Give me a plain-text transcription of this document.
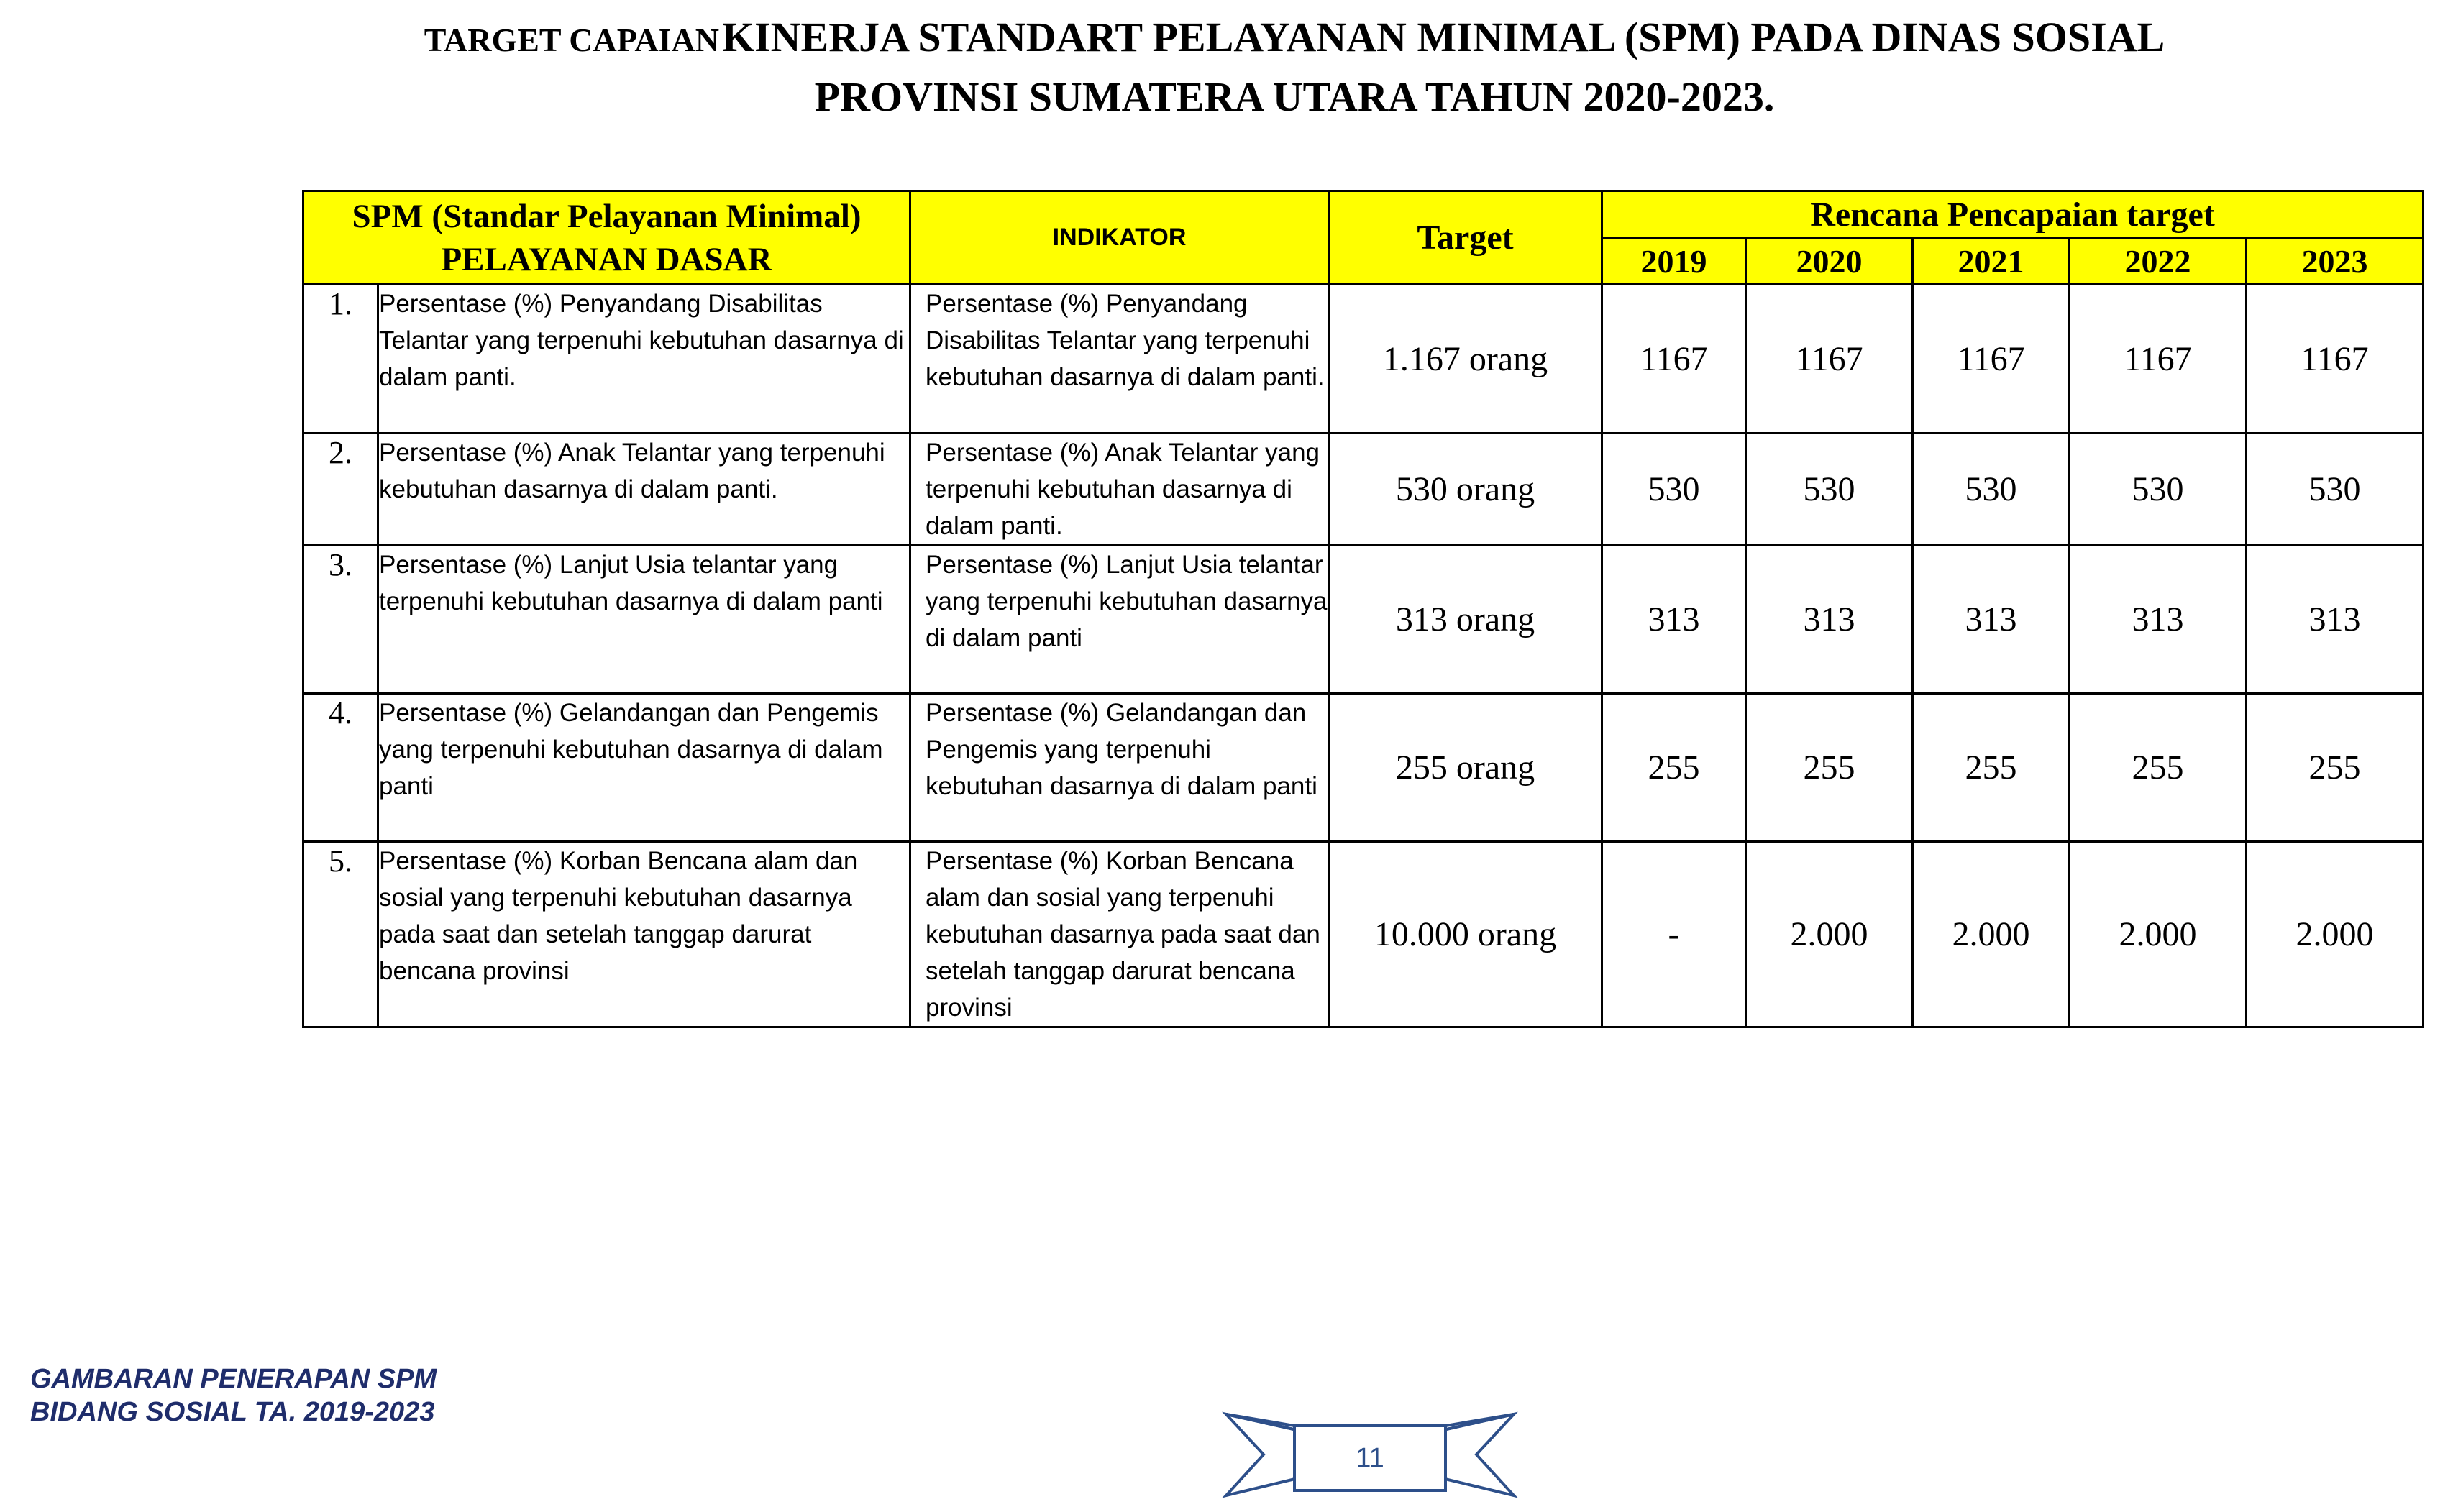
TARGET CAPAIAN KINERJA STANDART PELAYANAN MINIMAL (SPM) PADA DINAS SOSIAL
PROVINSI SUMATERA UTARA TAHUN 2020-2023.
SPM (Standar Pelayanan Minimal)
PELAYANAN DASAR		INDIKATOR	Target	Rencana Pencapaian target				
				2019	2020	2021	2022	2023
1.	Persentase (%) Penyandang Disabilitas Telantar yang terpenuhi kebutuhan dasarnya di dalam panti.	Persentase (%) Penyandang Disabilitas Telantar yang terpenuhi kebutuhan dasarnya di dalam panti.	1.167 orang	1167	1167	1167	1167	1167
2.	Persentase (%) Anak Telantar yang terpenuhi kebutuhan dasarnya di dalam panti.	Persentase (%) Anak Telantar yang terpenuhi kebutuhan dasarnya di dalam panti.	530 orang	530	530	530	530	530
3.	Persentase (%) Lanjut Usia telantar yang terpenuhi kebutuhan dasarnya di dalam panti	Persentase (%) Lanjut Usia telantar yang terpenuhi kebutuhan dasarnya di dalam panti	313 orang	313	313	313	313	313
4.	Persentase (%) Gelandangan dan Pengemis yang terpenuhi kebutuhan dasarnya di dalam panti	Persentase (%) Gelandangan dan Pengemis yang terpenuhi kebutuhan dasarnya di dalam panti	255 orang	255	255	255	255	255
5.	Persentase (%) Korban Bencana alam dan sosial yang terpenuhi kebutuhan dasarnya pada saat dan setelah tanggap darurat bencana provinsi	Persentase (%) Korban Bencana alam dan sosial yang terpenuhi kebutuhan dasarnya pada saat dan setelah tanggap darurat bencana provinsi	10.000 orang	-	2.000	2.000	2.000	2.000
GAMBARAN PENERAPAN SPM
BIDANG SOSIAL TA. 2019-2023
11
